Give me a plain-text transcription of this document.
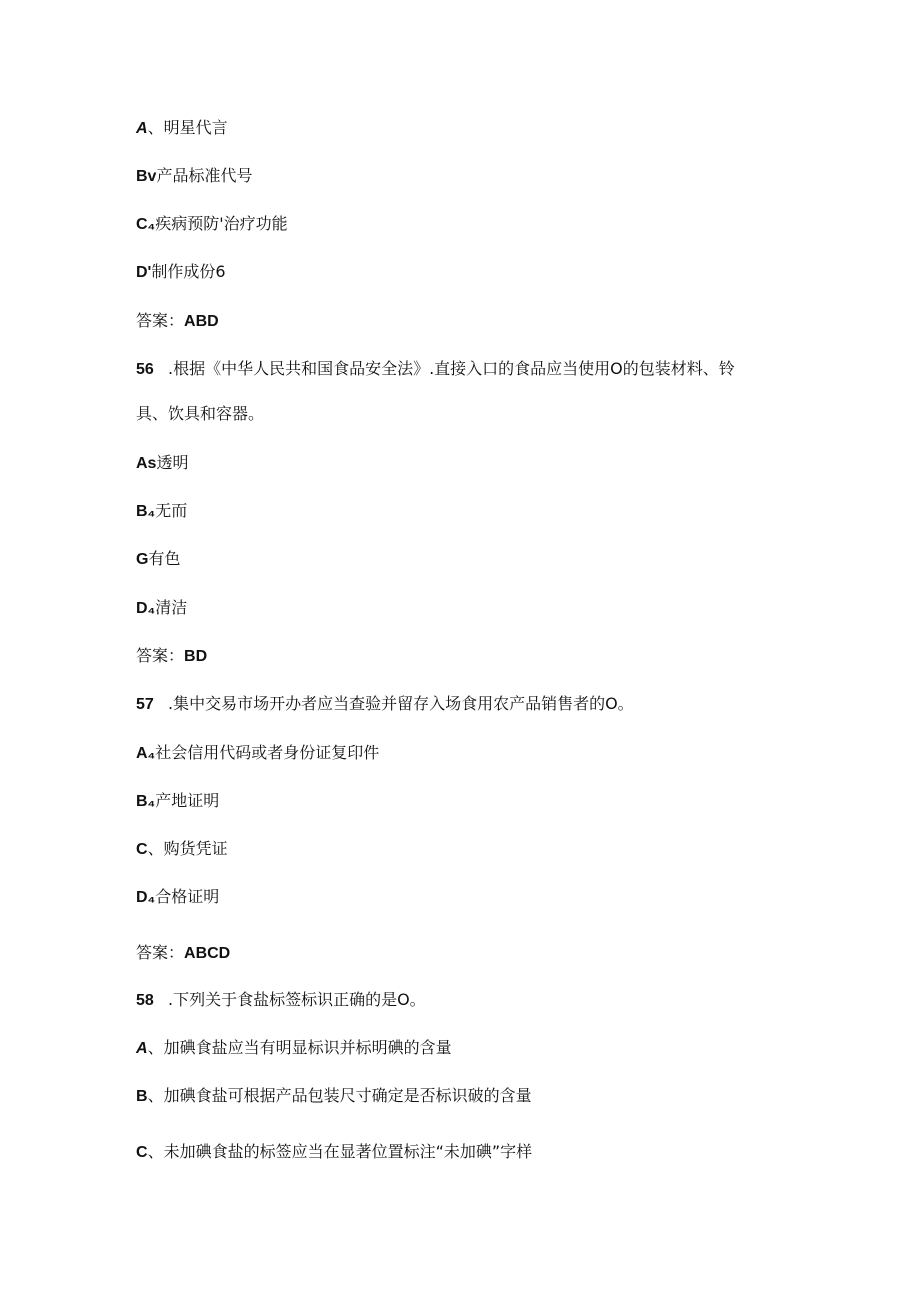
A、明星代言
Bv产品标准代号
C₄疾病预防'治疗功能
D'制作成份6
答案：ABD
56 .根据《中华人民共和国食品安全法》.直接入口的食品应当使用O的包装材料、铃
具、饮具和容器。
As透明
B₄无而
G有色
D₄清洁
答案：BD
57 .集中交易市场开办者应当查验并留存入场食用农产品销售者的O。
A₄社会信用代码或者身份证复印件
B₄产地证明
C、购货凭证
D₄合格证明
答案：ABCD
58 .下列关于食盐标签标识正确的是O。
A、加碘食盐应当有明显标识并标明碘的含量
B、加碘食盐可根据产品包装尺寸确定是否标识破的含量
C、未加碘食盐的标签应当在显著位置标注“未加碘”字样
